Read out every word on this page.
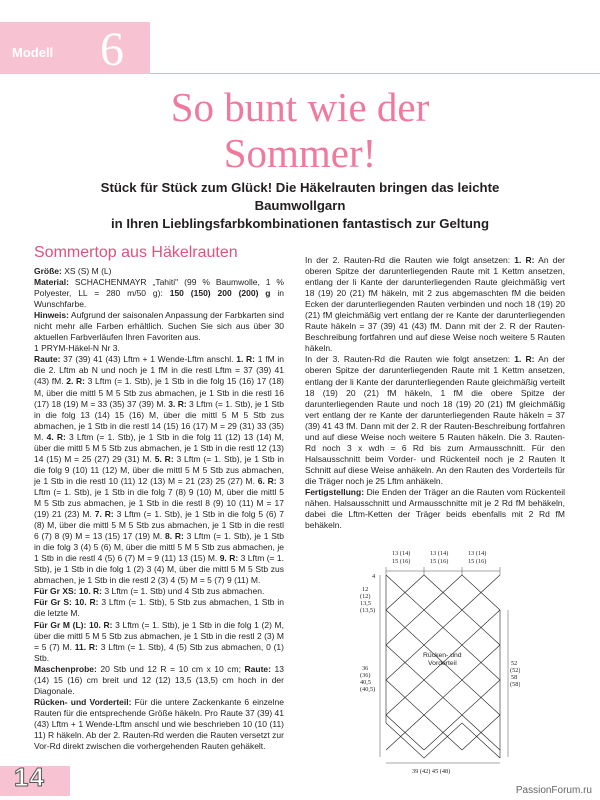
Modell 6
So bunt wie der
Sommer!
Stück für Stück zum Glück! Die Häkelrauten bringen das leichte Baumwollgarn
in Ihren Lieblingsfarbkombinationen fantastisch zur Geltung
Sommertop aus Häkelrauten

Größe: XS (S) M (L)

Material: SCHACHENMAYR „Tahiti" (99 % Baumwolle, 1 % Polyester, LL = 280 m/50 g): 150 (150) 200 (200) g in Wunschfarbe.

Hinweis: Aufgrund der saisonalen Anpassung der Farbkarten sind nicht mehr alle Farben erhältlich. Suchen Sie sich aus über 30 aktuellen Farbverläufen Ihren Favoriten aus.

1 PRYM-Häkel-N Nr 3.

Raute: 37 (39) 41 (43) Lftm + 1 Wende-Lftm anschl. 1. R: 1 fM in die 2. Lftm ab N und noch je 1 fM in die restl Lftm = 37 (39) 41 (43) fM. 2. R: 3 Lftm (= 1. Stb), je 1 Stb in die folg 15 (16) 17 (18) M, über die mittl 5 M 5 Stb zus abmachen, je 1 Stb in die restl 16 (17) 18 (19) M = 33 (35) 37 (39) M. 3. R: 3 Lftm (= 1. Stb), je 1 Stb in die folg 13 (14) 15 (16) M, über die mittl 5 M 5 Stb zus abmachen, je 1 Stb in die restl 14 (15) 16 (17) M = 29 (31) 33 (35) M. 4. R: 3 Lftm (= 1. Stb), je 1 Stb in die folg 11 (12) 13 (14) M, über die mittl 5 M 5 Stb zus abmachen, je 1 Stb in die restl 12 (13) 14 (15) M = 25 (27) 29 (31) M. 5. R: 3 Lftm (= 1. Stb), je 1 Stb in die folg 9 (10) 11 (12) M, über die mittl 5 M 5 Stb zus abmachen, je 1 Stb in die restl 10 (11) 12 (13) M = 21 (23) 25 (27) M. 6. R: 3 Lftm (= 1. Stb), je 1 Stb in die folg 7 (8) 9 (10) M, über die mittl 5 M 5 Stb zus abmachen, je 1 Stb in die restl 8 (9) 10 (11) M = 17 (19) 21 (23) M. 7. R: 3 Lftm (= 1. Stb), je 1 Stb in die folg 5 (6) 7 (8) M, über die mittl 5 M 5 Stb zus abmachen, je 1 Stb in die restl 6 (7) 8 (9) M = 13 (15) 17 (19) M. 8. R: 3 Lftm (= 1. Stb), je 1 Stb in die folg 3 (4) 5 (6) M, über die mittl 5 M 5 Stb zus abmachen, je 1 Stb in die restl 4 (5) 6 (7) M = 9 (11) 13 (15) M. 9. R: 3 Lftm (= 1. Stb), je 1 Stb in die folg 1 (2) 3 (4) M, über die mittl 5 M 5 Stb zus abmachen, je 1 Stb in die restl 2 (3) 4 (5) M = 5 (7) 9 (11) M.

Für Gr XS: 10. R: 3 Lftm (= 1. Stb) und 4 Stb zus abmachen.

Für Gr S: 10. R: 3 Lftm (= 1. Stb), 5 Stb zus abmachen, 1 Stb in die letzte M.

Für Gr M (L): 10. R: 3 Lftm (= 1. Stb), je 1 Stb in die folg 1 (2) M, über die mittl 5 M 5 Stb zus abmachen, je 1 Stb in die restl 2 (3) M = 5 (7) M. 11. R: 3 Lftm (= 1. Stb), 4 (5) Stb zus abmachen, 0 (1) Stb.

Maschenprobe: 20 Stb und 12 R = 10 cm x 10 cm; Raute: 13 (14) 15 (16) cm breit und 12 (12) 13,5 (13,5) cm hoch in der Diagonale.

Rücken- und Vorderteil: Für die untere Zackenkante 6 einzelne Rauten für die entsprechende Größe häkeln. Pro Raute 37 (39) 41 (43) Lftm + 1 Wende-Lftm anschl und wie beschrieben 10 (10 (11) 11) R häkeln. Ab der 2. Rauten-Rd werden die Rauten versetzt zur Vor-Rd direkt zwischen die vorhergehenden Rauten gehäkelt.

In der 2. Rauten-Rd die Rauten wie folgt ansetzen: 1. R: An der oberen Spitze der darunterliegenden Raute mit 1 Kettm ansetzen, entlang der li Kante der darunterliegenden Raute gleichmäßig vert 18 (19) 20 (21) fM häkeln, mit 2 zus abgemaschten fM die beiden Ecken der darunterliegenden Rauten verbinden und noch 18 (19) 20 (21) fM gleichmäßig vert entlang der re Kante der darunterliegenden Raute häkeln = 37 (39) 41 (43) fM. Dann mit der 2. R der Rauten-Beschreibung fortfahren und auf diese Weise noch weitere 5 Rauten häkeln.

In der 3. Rauten-Rd die Rauten wie folgt ansetzen: 1. R: An der oberen Spitze der darunterliegenden Raute mit 1 Kettm ansetzen, entlang der li Kante der darunterliegenden Raute gleichmäßig verteilt 18 (19) 20 (21) fM häkeln, 1 fM die obere Spitze der darunterliegenden Raute und noch 18 (19) 20 (21) fM gleichmäßig vert entlang der re Kante der darunterliegenden Raute häkeln = 37 (39) 41 43 fM. Dann mit der 2. R der Rauten-Beschreibung fortfahren und auf diese Weise noch weitere 5 Rauten häkeln. Die 3. Rauten-Rd noch 3 x wdh = 6 Rd bis zum Armausschnitt. Für den Halsausschnitt beim Vorder- und Rückenteil noch je 2 Rauten lt Schnitt auf diese Weise anhäkeln. An den Rauten des Vorderteils für die Träger noch je 25 Lftm anhäkeln.

Fertigstellung: Die Enden der Träger an die Rauten vom Rückenteil nähen. Halsausschnitt und Armausschnitte mit je 2 Rd fM behäkeln, dabei die Lftm-Ketten der Träger beids ebenfalls mit 2 Rd fM behäkeln.

13 (14)
15 (16)
13 (14)
15 (16)
13 (14)
15 (16)
4
12
(12)
13,5
(13,5)
36
(36)
40,5
(40,5)
52
(52)
58
(58)
39 (42) 45 (48)
Rücken- und
Vorderteil
14	PassionForum.ru
